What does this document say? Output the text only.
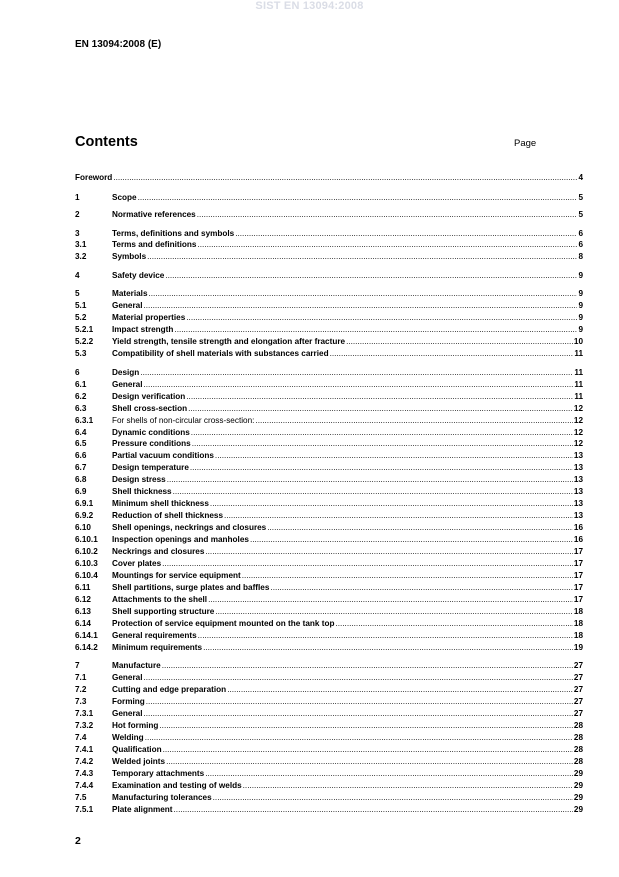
SIST EN 13094:2008
EN 13094:2008 (E)
Contents	Page
Foreword .....	4
1	Scope .....	5
2	Normative references .....	5
3	Terms, definitions and symbols .....	6
3.1	Terms and definitions .....	6
3.2	Symbols .....	8
4	Safety device .....	9
5	Materials .....	9
5.1	General .....	9
5.2	Material properties .....	9
5.2.1 Impact strength .....	9
5.2.2 Yield strength, tensile strength and elongation after fracture .....	10
5.3	Compatibility of shell materials with substances carried .....	11
6	Design .....	11
6.1	General .....	11
6.2	Design verification .....	11
6.3	Shell cross-section .....	12
6.3.1 For shells of non-circular cross-section: .....	12
6.4	Dynamic conditions .....	12
6.5	Pressure conditions .....	12
6.6	Partial vacuum conditions .....	13
6.7	Design temperature .....	13
6.8	Design stress .....	13
6.9	Shell thickness .....	13
6.9.1 Minimum shell thickness .....	13
6.9.2 Reduction of shell thickness .....	13
6.10	Shell openings, neckrings and closures .....	16
6.10.1 Inspection openings and manholes .....	16
6.10.2 Neckrings and closures .....	17
6.10.3 Cover plates .....	17
6.10.4 Mountings for service equipment .....	17
6.11	Shell partitions, surge plates and baffles .....	17
6.12	Attachments to the shell .....	17
6.13	Shell supporting structure .....	18
6.14	Protection of service equipment mounted on the tank top .....	18
6.14.1 General requirements .....	18
6.14.2 Minimum requirements .....	19
7	Manufacture .....	27
7.1	General .....	27
7.2	Cutting and edge preparation .....	27
7.3	Forming .....	27
7.3.1 General .....	27
7.3.2 Hot forming .....	28
7.4	Welding .....	28
7.4.1 Qualification .....	28
7.4.2 Welded joints .....	28
7.4.3 Temporary attachments .....	29
7.4.4 Examination and testing of welds .....	29
7.5	Manufacturing tolerances .....	29
7.5.1 Plate alignment .....	29
2
